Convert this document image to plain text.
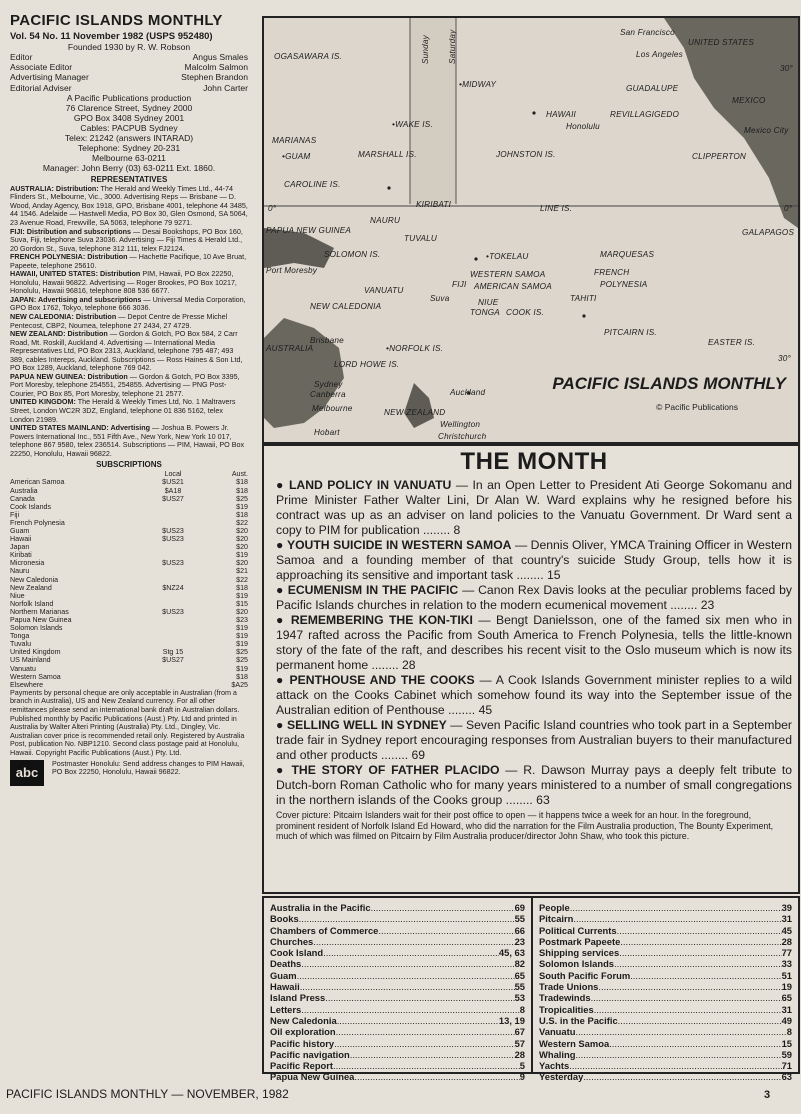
PACIFIC ISLANDS MONTHLY
Vol. 54 No. 11 November 1982 (USPS 952480)
Founded 1930 by R. W. Robson
Editor	Angus Smales
Associate Editor	Malcolm Salmon
Advertising Manager	Stephen Brandon
Editorial Adviser	John Carter
A Pacific Publications production
76 Clarence Street, Sydney 2000
GPO Box 3408 Sydney 2001
Cables: PACPUB Sydney
Telex: 21242 (answers INTARAD)
Telephone: Sydney 20-231
Melbourne 63-0211
Manager: John Berry (03) 63-0211 Ext. 1860.
REPRESENTATIVES

AUSTRALIA: Distribution: The Herald and Weekly Times Ltd., 44-74 Flinders St., Melbourne, Vic., 3000. Advertising Reps — Brisbane — D. Wood, Anday Agency, Box 1918, GPO, Brisbane 4001, telephone 44 3485, 44 1546. Adelaide — Hastwell Media, PO Box 30, Glen Osmond, SA 5064, 23 Avenue Road, Frewville, SA 5063, telephone 79 9271.

FIJI: Distribution and subscriptions — Desai Bookshops, PO Box 160, Suva, Fiji, telephone Suva 23036. Advertising — Fiji Times & Herald Ltd., 20 Gordon St., Suva, telephone 312 111, telex FJ2124.

FRENCH POLYNESIA: Distribution — Hachette Pacifique, 10 Ave Bruat, Papeete, telephone 25610.

HAWAII, UNITED STATES: Distribution PIM, Hawaii, PO Box 22250, Honolulu, Hawaii 96822. Advertising — Roger Brookes, PO Box 10217, Honolulu, Hawaii 96816, telephone 808 536 6677.

JAPAN: Advertising and subscriptions — Universal Media Corporation, GPO Box 1762, Tokyo, telephone 666 3036.

NEW CALEDONIA: Distribution — Depot Centre de Presse Michel Pentecost, CBP2, Noumea, telephone 27 2434, 27 4729.

NEW ZEALAND: Distribution — Gordon & Gotch, PO Box 584, 2 Carr Road, Mt. Roskill, Auckland 4. Advertising — International Media Representatives Ltd, PO Box 2313, Auckland, telephone 795 487; 493 389, cables Intereps, Auckland. Subscriptions — Ross Haines & Son Ltd, PO Box 1289, Auckland, telephone 769 042.

PAPUA NEW GUINEA: Distribution — Gordon & Gotch, PO Box 3395, Port Moresby, telephone 254551, 254855. Advertising — PNG Post-Courier, PO Box 85, Port Moresby, telephone 21 2577.

UNITED KINGDOM: The Herald & Weekly Times Ltd, No. 1 Maltravers Street, London WC2R 3DZ, England, telephone 01 836 5162, telex London 21989.

UNITED STATES MAINLAND: Advertising — Joshua B. Powers Jr. Powers International Inc., 551 Fifth Ave., New York, New York 10 017, telephone 867 9580, telex 236514. Subscriptions — PIM, Hawaii, PO Box 22250, Honolulu, Hawaii 96822.

SUBSCRIPTIONS
	Local	Aust.
American Samoa	$US21	$18
Australia	$A18	$18
Canada	$US27	$25
Cook Islands		$19
Fiji		$18
French Polynesia		$22
Guam	$US23	$20
Hawaii	$US23	$20
Japan		$20
Kiribati		$19
Micronesia	$US23	$20
Nauru		$21
New Caledonia		$22
New Zealand	$NZ24	$18
Niue		$19
Norfolk Island		$15
Northern Marianas	$US23	$20
Papua New Guinea		$23
Solomon Islands		$19
Tonga		$19
Tuvalu		$19
United Kingdom	Stg 15	$25
US Mainland	$US27	$25
Vanuatu		$19
Western Samoa		$18
Elsewhere		$A25
Payments by personal cheque are only acceptable in Australian (from a branch in Australia), US and New Zealand currency. For all other remittances please send an international bank draft in Australian dollars.
Published monthly by Pacific Publications (Aust.) Pty. Ltd and printed in Australia by Walter Alteri Printing (Australia) Pty. Ltd., Dingley, Vic.
Australian cover price is recommended retail only. Registered by Australia Post, publication No. NBP1210. Second class postage paid at Honolulu, Hawaii. Copyright Pacific Publications (Aust.) Pty. Ltd.
abc
Postmaster Honolulu: Send address changes to PIM Hawaii, PO Box 22250, Honolulu, Hawaii 96822.
OGASAWARA IS.	Sunday Saturday	San Francisco
UNITED STATES
Los Angeles
30°
•MIDWAY	GUADALUPE
MEXICO
HAWAII
Honolulu
REVILLAGIGEDO
Mexico City
MARIANAS
•WAKE IS.
•GUAM	MARSHALL IS.	JOHNSTON IS.	CLIPPERTON
CAROLINE IS.
0°	KIRIBATI	LINE IS.	0°
NAURU
GALAPAGOS
PAPUA NEW GUINEA
TUVALU
SOLOMON IS.
Port Moresby
•TOKELAU	MARQUESAS
WESTERN SAMOA	FRENCH
AMERICAN SAMOA	POLYNESIA
VANUATU
FIJI
Suva	NIUE	TAHITI
NEW CALEDONIA
TONGA COOK IS.
PITCAIRN IS.
AUSTRALIA
Brisbane
•NORFOLK IS.
EASTER IS.
30°
LORD HOWE IS.
Sydney
Canberra	Auckland
Melbourne	NEW ZEALAND
Wellington
Christchurch
Hobart
PACIFIC ISLANDS MONTHLY
© Pacific Publications
THE MONTH

● LAND POLICY IN VANUATU — In an Open Letter to President Ati George Sokomanu and Prime Minister Father Walter Lini, Dr Alan W. Ward explains why he resigned before his contract was up as an adviser on land policies to the Vanuatu Government. Dr Ward sent a copy to PIM for publication ........ 8

● YOUTH SUICIDE IN WESTERN SAMOA — Dennis Oliver, YMCA Training Officer in Western Samoa and a founding member of that country's suicide Study Group, tells how it is approaching its sensitive and important task ........ 15

● ECUMENISM IN THE PACIFIC — Canon Rex Davis looks at the peculiar problems faced by Pacific Islands churches in relation to the modern ecumenical movement ........ 23

● REMEMBERING THE KON-TIKI — Bengt Danielsson, one of the famed six men who in 1947 rafted across the Pacific from South America to French Polynesia, tells the little-known story of the fate of the raft, and describes his recent visit to the Oslo museum which is now its permanent home ........ 28

● PENTHOUSE AND THE COOKS — A Cook Islands Government minister replies to a wild attack on the Cooks Cabinet which somehow found its way into the September issue of the Australian edition of Penthouse ........ 45

● SELLING WELL IN SYDNEY — Seven Pacific Island countries who took part in a September trade fair in Sydney report encouraging responses from Australian buyers to their manufactured and other products ........ 69

● THE STORY OF FATHER PLACIDO — R. Dawson Murray pays a deeply felt tribute to Dutch-born Roman Catholic who for many years ministered to a number of small congregations in the northern islands of the Cooks group ........ 63

Cover picture: Pitcairn Islanders wait for their post office to open — it happens twice a week for an hour. In the foreground, prominent resident of Norfolk Island Ed Howard, who did the narration for the Film Australia production, The Bounty Experiment, much of which was filmed on Pitcairn by Film Australia producer/director John Shaw, who took this picture.
Australia in the Pacific .....	69
Books .....	55
Chambers of Commerce .....	66
Churches .....	23
Cook Island .....	45, 63
Deaths .....	82
Guam .....	65
Hawaii .....	55
Island Press .....	53
Letters .....	8
New Caledonia .....	13, 19
Oil exploration .....	67
Pacific history .....	57
Pacific navigation .....	28
Pacific Report .....	5
Papua New Guinea .....	9
People .....	39
Pitcairn .....	31
Political Currents .....	45
Postmark Papeete .....	28
Shipping services .....	77
Solomon Islands .....	33
South Pacific Forum .....	51
Trade Unions .....	19
Tradewinds .....	65
Tropicalities .....	31
U.S. in the Pacific .....	49
Vanuatu .....	8
Western Samoa .....	15
Whaling .....	59
Yachts .....	71
Yesterday .....	63
PACIFIC ISLANDS MONTHLY — NOVEMBER, 1982	3
